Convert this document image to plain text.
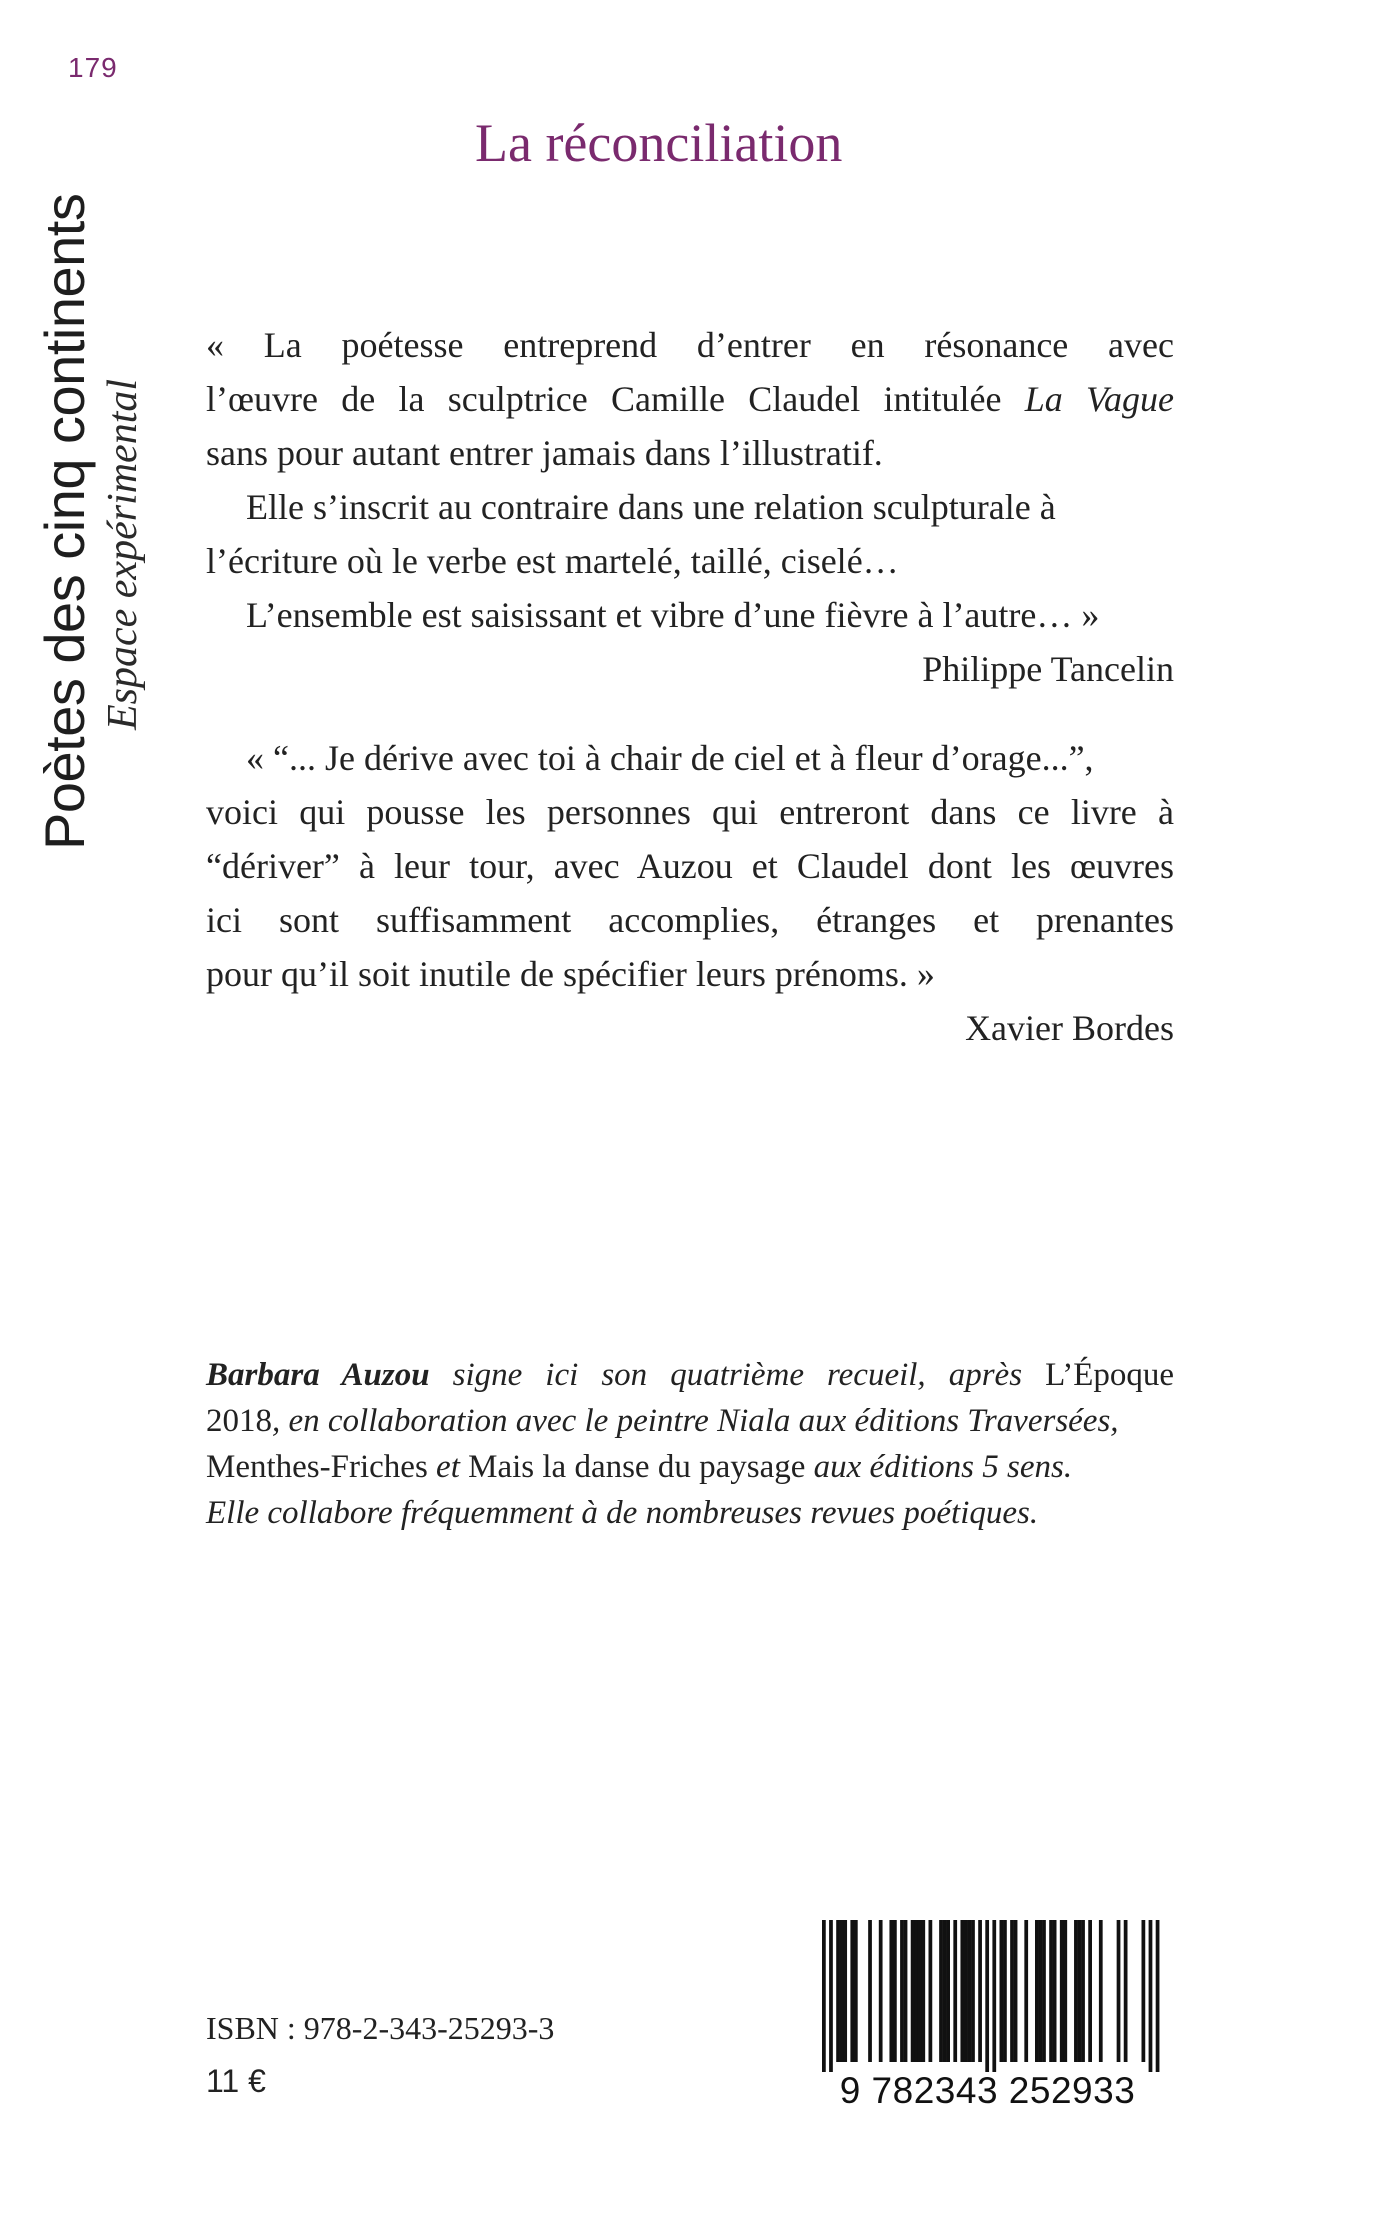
179
Poètes des cinq continents Espace expérimental
La réconciliation
« La poétesse entreprend d’entrer en résonance avec
l’œuvre de la sculptrice Camille Claudel intitulée La Vague
sans pour autant entrer jamais dans l’illustratif.
Elle s’inscrit au contraire dans une relation sculpturale à
l’écriture où le verbe est martelé, taillé, ciselé…
L’ensemble est saisissant et vibre d’une fièvre à l’autre… »
Philippe Tancelin
« “... Je dérive avec toi à chair de ciel et à fleur d’orage...”,
voici qui pousse les personnes qui entreront dans ce livre à
“dériver” à leur tour, avec Auzou et Claudel dont les œuvres
ici sont suffisamment accomplies, étranges et prenantes
pour qu’il soit inutile de spécifier leurs prénoms. »
Xavier Bordes
Barbara Auzou signe ici son quatrième recueil, après L’Époque
2018, en collaboration avec le peintre Niala aux éditions Traversées,
Menthes-Friches et Mais la danse du paysage aux éditions 5 sens.
Elle collabore fréquemment à de nombreuses revues poétiques.
ISBN : 978-2-343-25293-3
11 €	9 782343 252933
